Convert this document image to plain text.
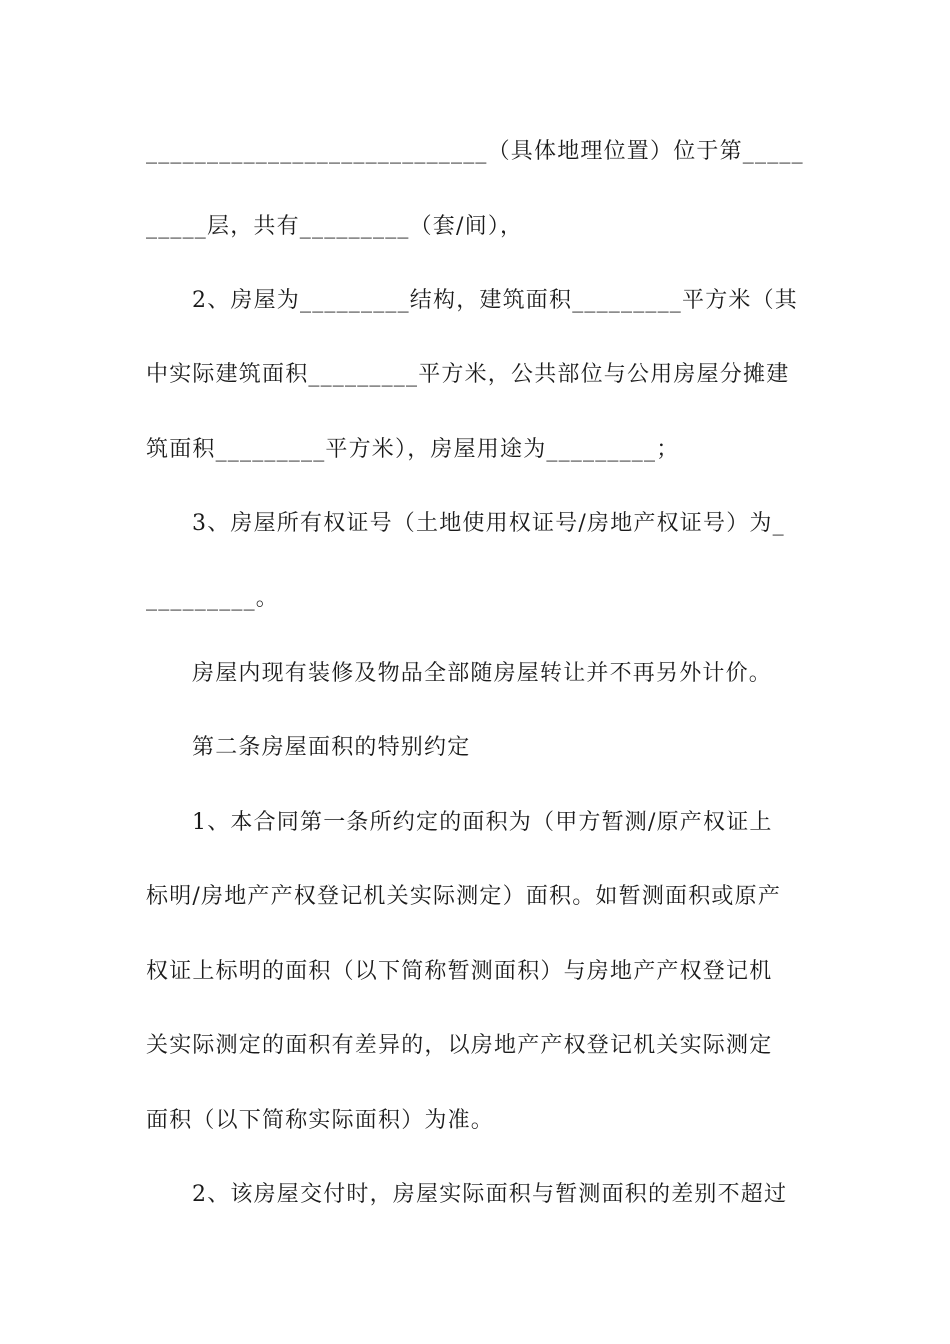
____________________________（具体地理位置）位于第_____
_____层，共有_________（套/间），
2、房屋为_________结构，建筑面积_________平方米（其
中实际建筑面积_________平方米，公共部位与公用房屋分摊建
筑面积_________平方米），房屋用途为_________；
3、房屋所有权证号（土地使用权证号/房地产权证号）为_
_________。
房屋内现有装修及物品全部随房屋转让并不再另外计价。
第二条房屋面积的特别约定
1、本合同第一条所约定的面积为（甲方暂测/原产权证上
标明/房地产产权登记机关实际测定）面积。如暂测面积或原产
权证上标明的面积（以下简称暂测面积）与房地产产权登记机
关实际测定的面积有差异的，以房地产产权登记机关实际测定
面积（以下简称实际面积）为准。
2、该房屋交付时，房屋实际面积与暂测面积的差别不超过
